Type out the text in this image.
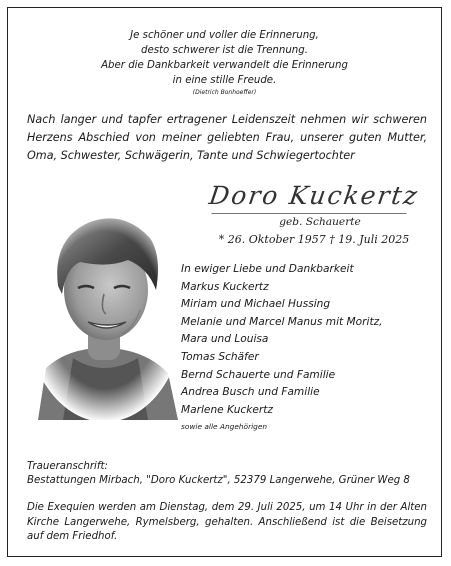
Je schöner und voller die Erinnerung,
desto schwerer ist die Trennung.
Aber die Dankbarkeit verwandelt die Erinnerung
in eine stille Freude.
(Dietrich Bonhoeffer)
Nach langer und tapfer ertragener Leidenszeit nehmen wir schweren Herzens Abschied von meiner geliebten Frau, unserer guten Mutter, Oma, Schwester, Schwägerin, Tante und Schwiegertochter
Doro Kuckertz
geb. Schauerte
* 26. Oktober 1957 † 19. Juli 2025
In ewiger Liebe und Dankbarkeit
Markus Kuckertz
Miriam und Michael Hussing
Melanie und Marcel Manus mit Moritz,
Mara und Louisa
Tomas Schäfer
Bernd Schauerte und Familie
Andrea Busch und Familie
Marlene Kuckertz
sowie alle Angehörigen
Traueranschrift:
Bestattungen Mirbach, "Doro Kuckertz", 52379 Langerwehe, Grüner Weg 8
Die Exequien werden am Dienstag, dem 29. Juli 2025, um 14 Uhr in der Alten Kirche Langerwehe, Rymelsberg, gehalten. Anschließend ist die Beisetzung auf dem Friedhof.
